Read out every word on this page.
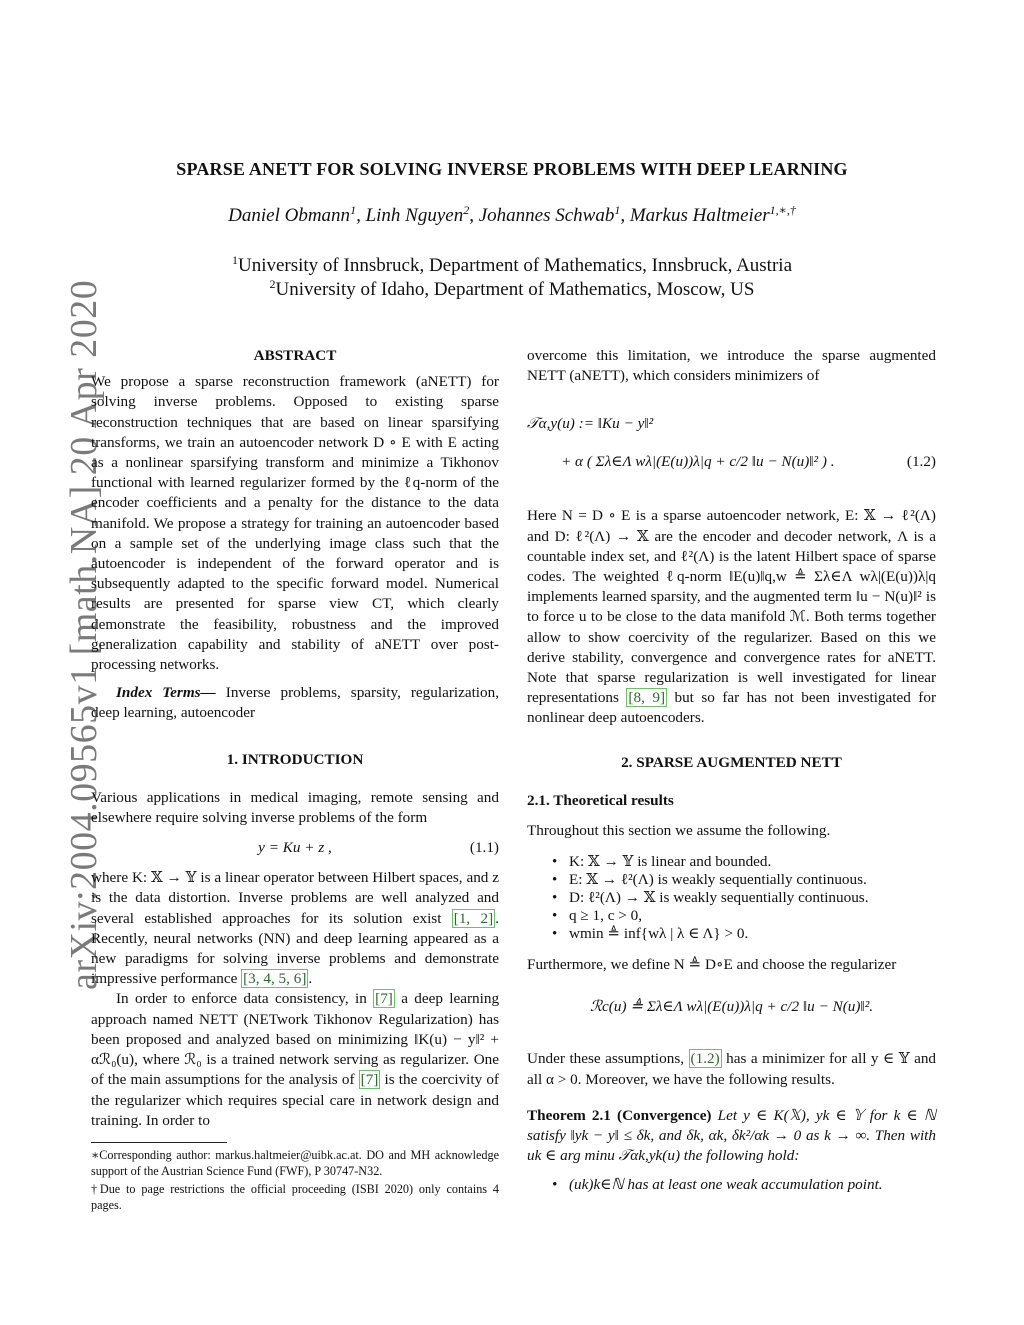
arXiv:2004.09565v1 [math.NA] 20 Apr 2020
SPARSE ANETT FOR SOLVING INVERSE PROBLEMS WITH DEEP LEARNING
Daniel Obmann$^1$, Linh Nguyen$^2$, Johannes Schwab$^1$, Markus Haltmeier$^{1,∗,\dagger}$
$^1$University of Innsbruck, Department of Mathematics, Innsbruck, Austria
$^2$University of Idaho, Department of Mathematics, Moscow, US

ABSTRACT

We propose a sparse reconstruction framework (aNETT) for solving inverse problems. Opposed to existing sparse reconstruction techniques that are based on linear sparsifying transforms, we train an autoencoder network D ∘ E with E acting as a nonlinear sparsifying transform and minimize a Tikhonov functional with learned regularizer formed by the ℓq-norm of the encoder coefficients and a penalty for the distance to the data manifold. We propose a strategy for training an autoencoder based on a sample set of the underlying image class such that the autoencoder is independent of the forward operator and is subsequently adapted to the specific forward model. Numerical results are presented for sparse view CT, which clearly demonstrate the feasibility, robustness and the improved generalization capability and stability of aNETT over post-processing networks.

Index Terms— Inverse problems, sparsity, regularization, deep learning, autoencoder

1. INTRODUCTION

Various applications in medical imaging, remote sensing and elsewhere require solving inverse problems of the form

y = Ku + z ,	(1.1)

where K: 𝕏 → 𝕐 is a linear operator between Hilbert spaces, and z is the data distortion. Inverse problems are well analyzed and several established approaches for its solution exist [1, 2] . Recently, neural networks (NN) and deep learning appeared as a new paradigms for solving inverse problems and demonstrate impressive performance [3, 4, 5, 6] .

In order to enforce data consistency, in [7] a deep learning approach named NETT (NETwork Tikhonov Regularization) has been proposed and analyzed based on minimizing ‖K(u) − y‖² + αℛ₀(u), where ℛ₀ is a trained network serving as regularizer. One of the main assumptions for the analysis of [7] is the coercivity of the regularizer which requires special care in network design and training. In order to

∗Corresponding author: markus.haltmeier@uibk.ac.at. DO and MH acknowledge support of the Austrian Science Fund (FWF), P 30747-N32.

†Due to page restrictions the official proceeding (ISBI 2020) only contains 4 pages.

overcome this limitation, we introduce the sparse augmented NETT (aNETT), which considers minimizers of

𝒯α,y(u) := ‖Ku − y‖²
+ α ( Σλ∈Λ wλ|(E(u))λ|q + c/2 ‖u − N(u)‖² ) .	(1.2)

Here N = D ∘ E is a sparse autoencoder network, E: 𝕏 → ℓ²(Λ) and D: ℓ²(Λ) → 𝕏 are the encoder and decoder network, Λ is a countable index set, and ℓ²(Λ) is the latent Hilbert space of sparse codes. The weighted ℓq-norm ‖E(u)‖q,w ≜ Σλ∈Λ wλ|(E(u))λ|q implements learned sparsity, and the augmented term ‖u − N(u)‖² is to force u to be close to the data manifold ℳ. Both terms together allow to show coercivity of the regularizer. Based on this we derive stability, convergence and convergence rates for aNETT. Note that sparse regularization is well investigated for linear representations [8, 9] but so far has not been investigated for nonlinear deep autoencoders.

2. SPARSE AUGMENTED NETT

2.1. Theoretical results

Throughout this section we assume the following.

• K: 𝕏 → 𝕐 is linear and bounded.
• E: 𝕏 → ℓ²(Λ) is weakly sequentially continuous.
• D: ℓ²(Λ) → 𝕏 is weakly sequentially continuous.
• q ≥ 1, c > 0,
• wmin ≜ inf{wλ | λ ∈ Λ} > 0.

Furthermore, we define N ≜ D∘E and choose the regularizer

ℛc(u) ≜ Σλ∈Λ wλ|(E(u))λ|q + c/2 ‖u − N(u)‖².

Under these assumptions, (1.2) has a minimizer for all y ∈ 𝕐 and all α > 0. Moreover, we have the following results.

Theorem 2.1 (Convergence) Let y ∈ K(𝕏), yk ∈ 𝕐 for k ∈ ℕ satisfy ‖yk − y‖ ≤ δk, and δk, αk, δk²/αk → 0 as k → ∞. Then with uk ∈ arg minu 𝒯αk,yk(u) the following hold:

• (uk)k∈ℕ has at least one weak accumulation point.
